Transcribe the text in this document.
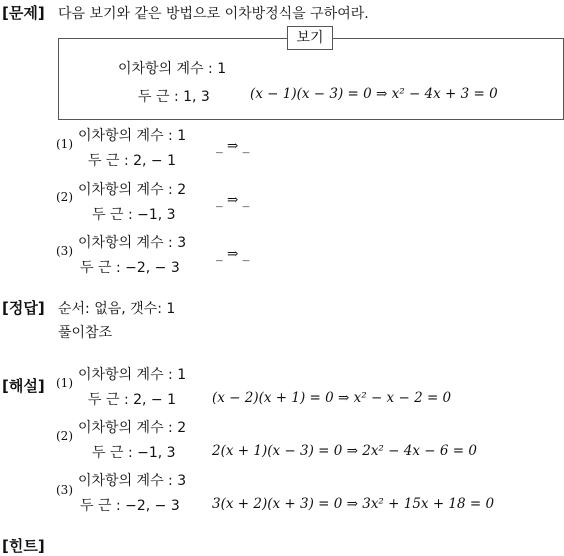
[문제] 다음 보기와 같은 방법으로 이차방정식을 구하여라.
보기
이차항의 계수 : 1
두 근 : 1, 3	(x − 1)(x − 3) = 0 ⇒ x² − 4x + 3 = 0
(1) 이차항의 계수 : 1
두 근 : 2, − 1
_ ⇒ _
(2) 이차항의 계수 : 2
두 근 : −1, 3
_ ⇒ _
(3) 이차항의 계수 : 3
두 근 : −2, − 3
_ ⇒ _
[정답] 순서: 없음, 갯수: 1
풀이참조
[해설] (1) 이차항의 계수 : 1
두 근 : 2, − 1	(x − 2)(x + 1) = 0 ⇒ x² − x − 2 = 0
(2) 이차항의 계수 : 2
두 근 : −1, 3	2(x + 1)(x − 3) = 0 ⇒ 2x² − 4x − 6 = 0
(3)
이차항의 계수 : 3
두 근 : −2, − 3 3(x + 2)(x + 3) = 0 ⇒ 3x² + 15x + 18 = 0
[힌트]
